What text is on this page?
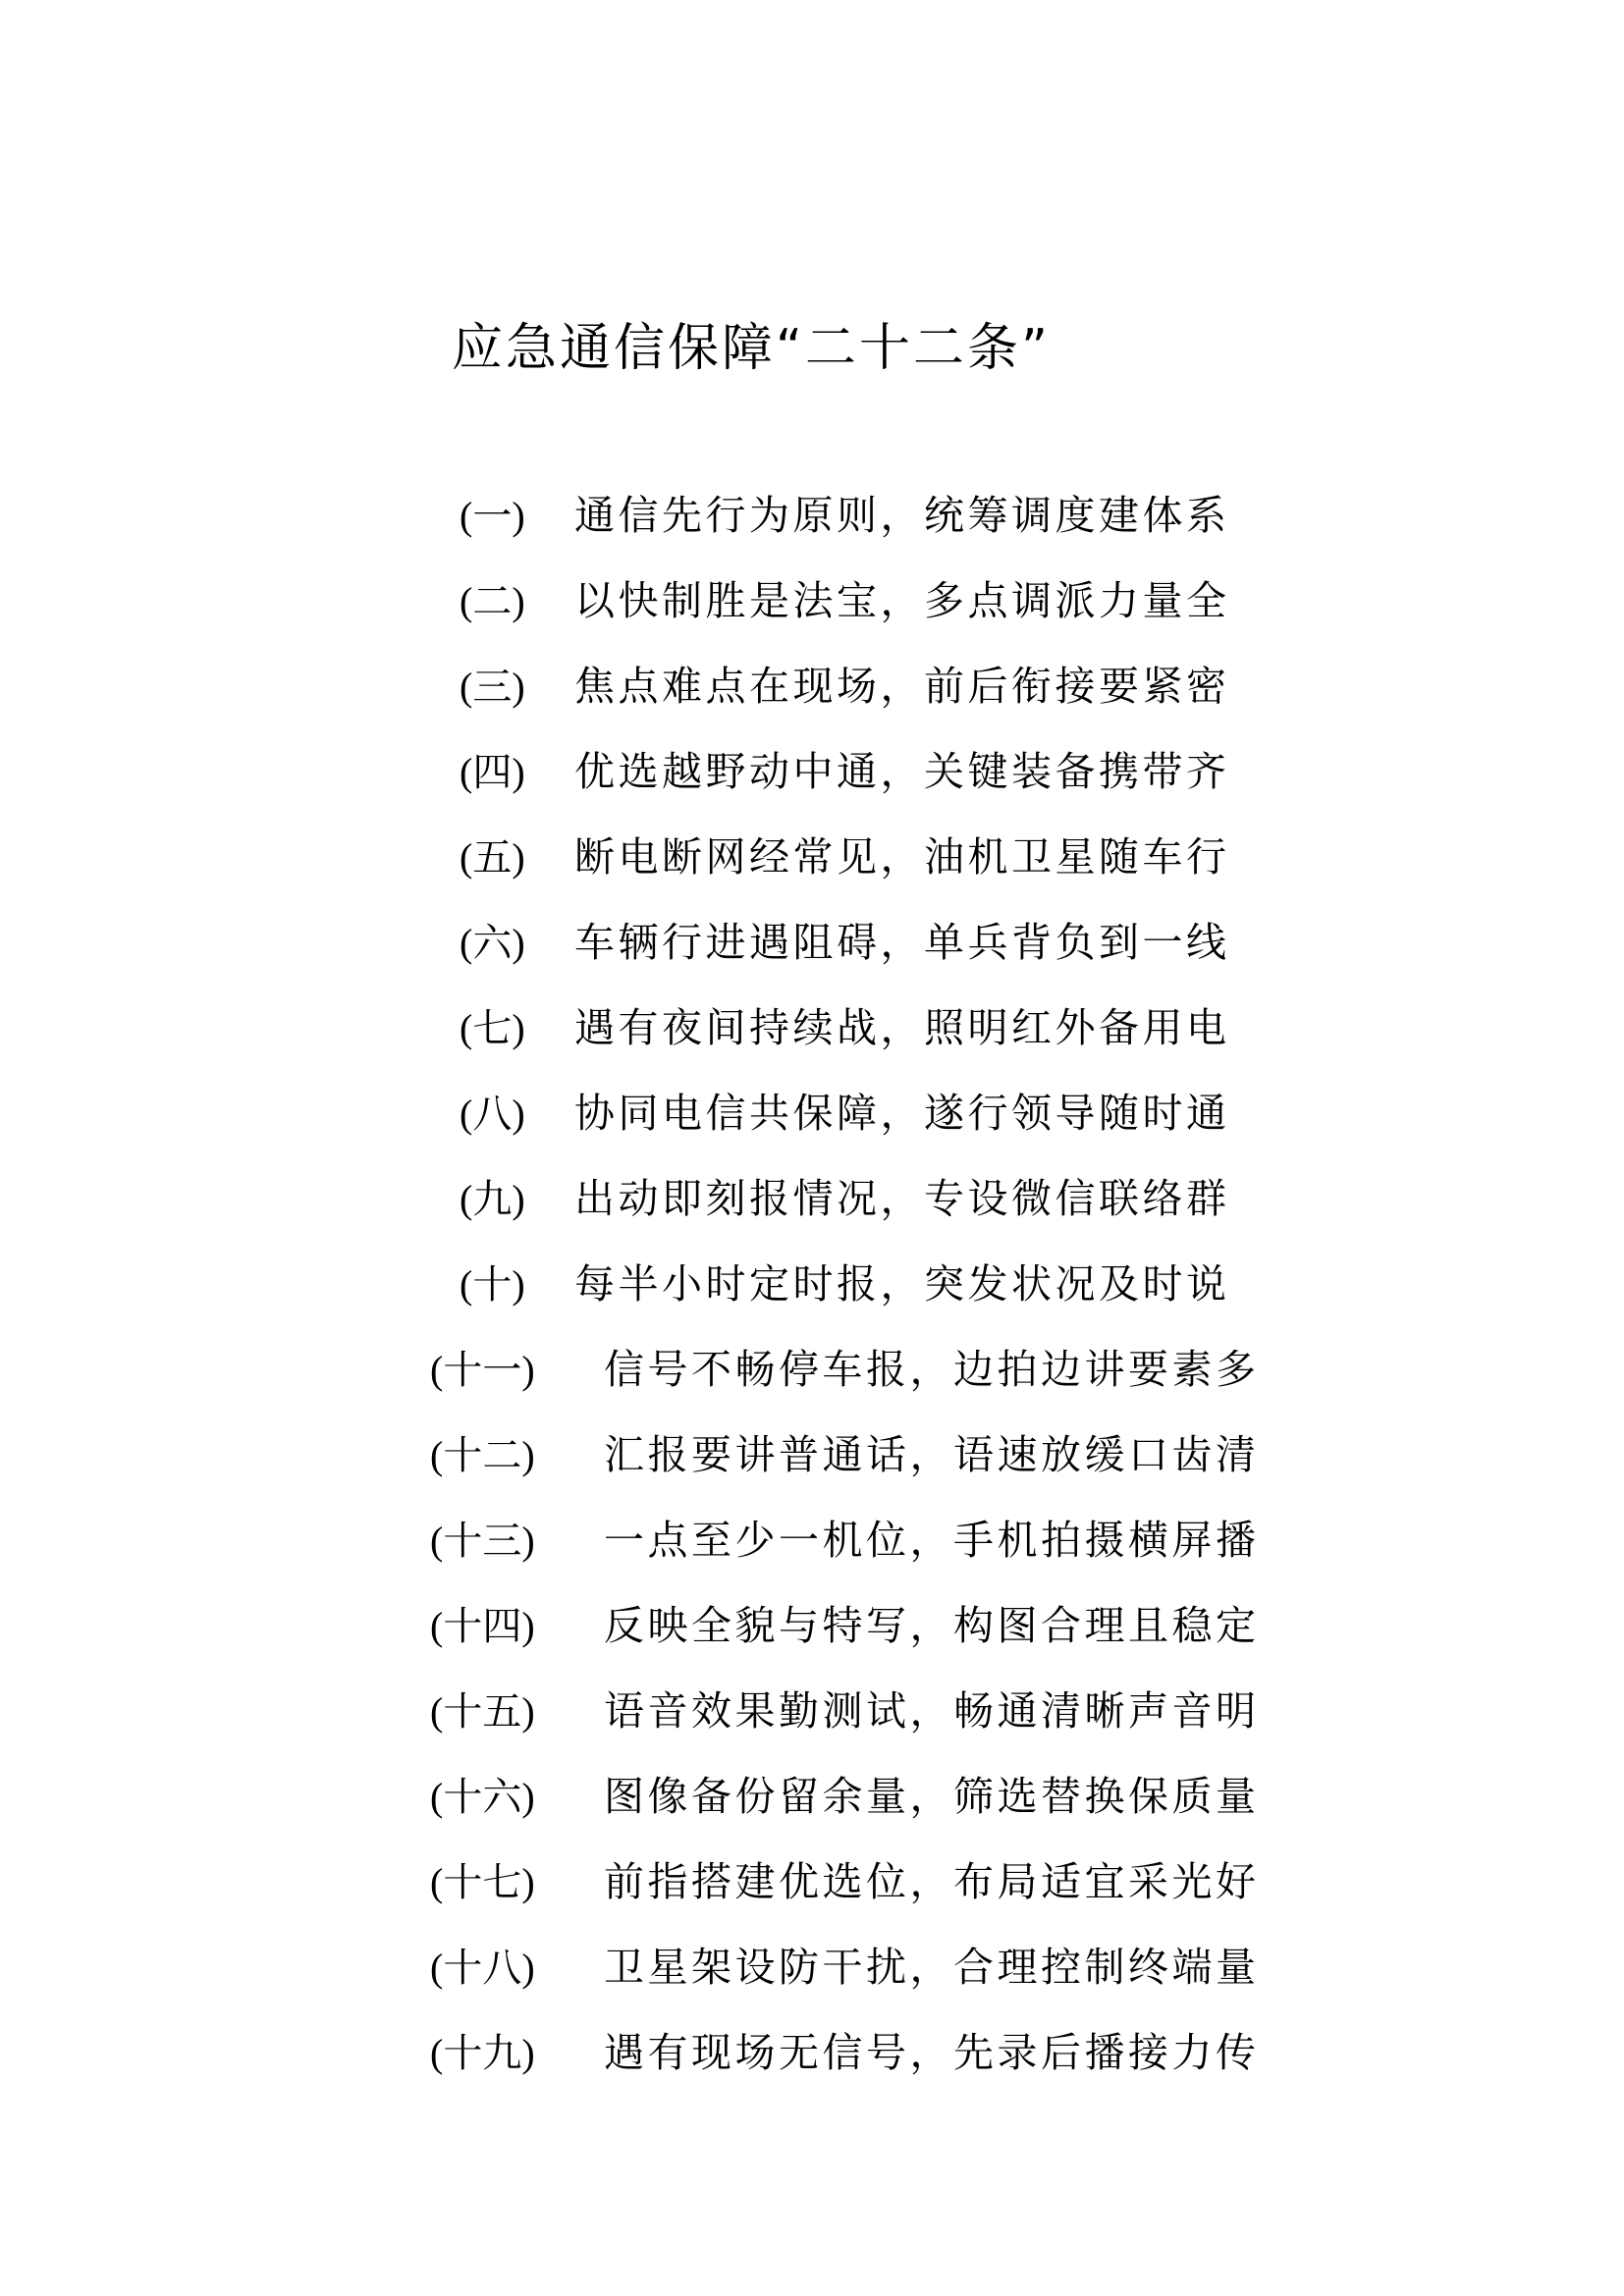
应急通信保障“二十二条”
(一) 通信先行为原则，统筹调度建体系
(二) 以快制胜是法宝，多点调派力量全
(三) 焦点难点在现场，前后衔接要紧密
(四) 优选越野动中通，关键装备携带齐
(五) 断电断网经常见，油机卫星随车行
(六) 车辆行进遇阻碍，单兵背负到一线
(七) 遇有夜间持续战，照明红外备用电
(八) 协同电信共保障，遂行领导随时通
(九) 出动即刻报情况，专设微信联络群
(十) 每半小时定时报，突发状况及时说
(十一) 信号不畅停车报，边拍边讲要素多
(十二) 汇报要讲普通话，语速放缓口齿清
(十三) 一点至少一机位，手机拍摄横屏播
(十四) 反映全貌与特写，构图合理且稳定
(十五) 语音效果勤测试，畅通清晰声音明
(十六) 图像备份留余量，筛选替换保质量
(十七) 前指搭建优选位，布局适宜采光好
(十八) 卫星架设防干扰，合理控制终端量
(十九) 遇有现场无信号，先录后播接力传
